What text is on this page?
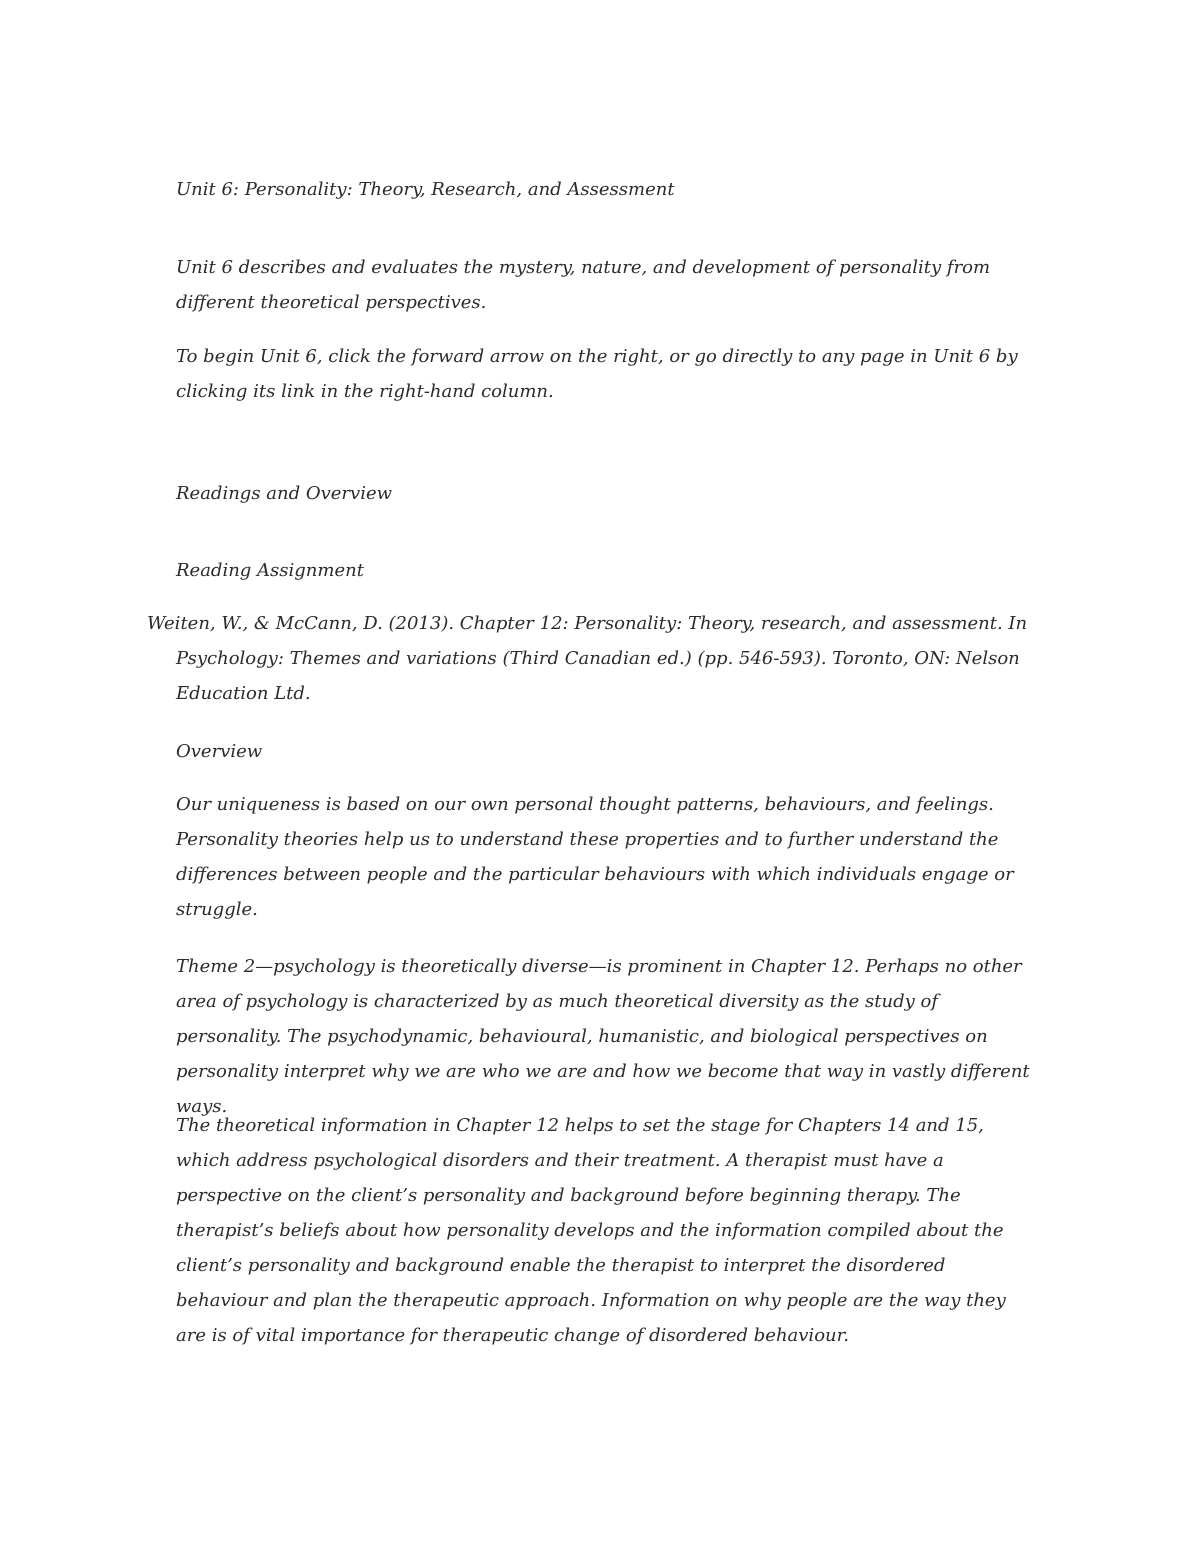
Unit 6: Personality: Theory, Research, and Assessment

Unit 6 describes and evaluates the mystery, nature, and development of personality from different theoretical perspectives.

To begin Unit 6, click the forward arrow on the right, or go directly to any page in Unit 6 by clicking its link in the right-hand column.

Readings and Overview

Reading Assignment

Weiten, W., & McCann, D. (2013). Chapter 12: Personality: Theory, research, and assessment. In Psychology: Themes and variations (Third Canadian ed.) (pp. 546-593). Toronto, ON: Nelson Education Ltd.

Overview

Our uniqueness is based on our own personal thought patterns, behaviours, and feelings. Personality theories help us to understand these properties and to further understand the differences between people and the particular behaviours with which individuals engage or struggle.

Theme 2—psychology is theoretically diverse—is prominent in Chapter 12. Perhaps no other area of psychology is characterized by as much theoretical diversity as the study of personality. The psychodynamic, behavioural, humanistic, and biological perspectives on personality interpret why we are who we are and how we become that way in vastly different ways.

The theoretical information in Chapter 12 helps to set the stage for Chapters 14 and 15, which address psychological disorders and their treatment. A therapist must have a perspective on the client’s personality and background before beginning therapy. The therapist’s beliefs about how personality develops and the information compiled about the client’s personality and background enable the therapist to interpret the disordered behaviour and plan the therapeutic approach. Information on why people are the way they are is of vital importance for therapeutic change of disordered behaviour.
